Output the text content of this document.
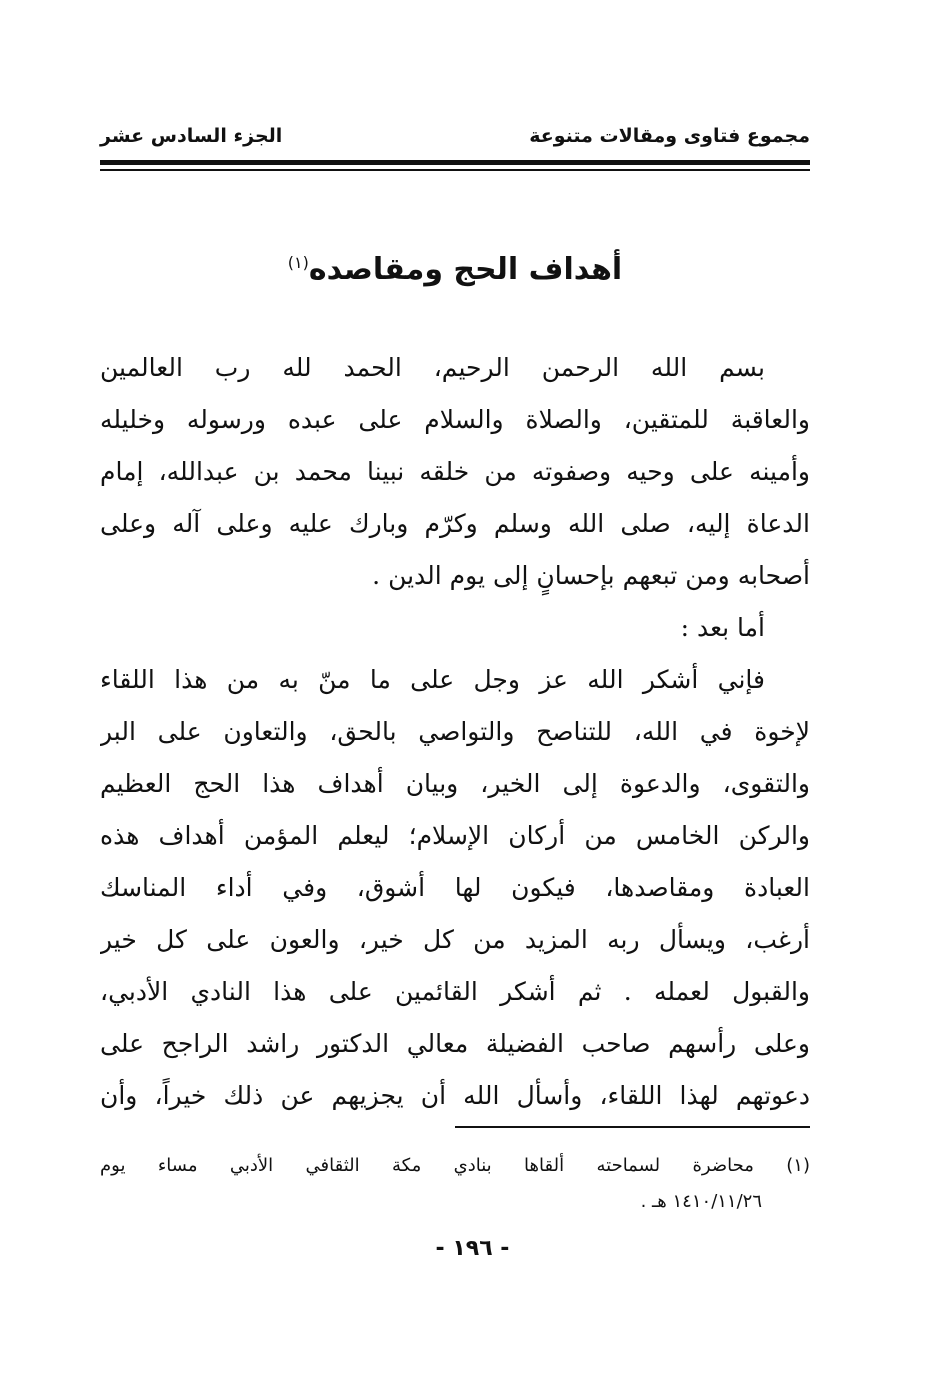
مجموع فتاوى ومقالات متنوعة
الجزء السادس عشر
أهداف الحج ومقاصده$^{(١)}$
بسم الله الرحمن الرحيم، الحمد لله رب العالمين
والعاقبة للمتقين، والصلاة والسلام على عبده ورسوله وخليله
وأمينه على وحيه وصفوته من خلقه نبينا محمد بن عبدالله، إمام
الدعاة إليه، صلى الله وسلم وكرّم وبارك عليه وعلى آله وعلى
أصحابه ومن تبعهم بإحسانٍ إلى يوم الدين .
أما بعد :
فإني أشكر الله عز وجل على ما منّ به من هذا اللقاء
لإخوة في الله، للتناصح والتواصي بالحق، والتعاون على البر
والتقوى، والدعوة إلى الخير، وبيان أهداف هذا الحج العظيم
والركن الخامس من أركان الإسلام؛ ليعلم المؤمن أهداف هذه
العبادة ومقاصدها، فيكون لها أشوق، وفي أداء المناسك
أرغب، ويسأل ربه المزيد من كل خير، والعون على كل خير
والقبول لعمله . ثم أشكر القائمين على هذا النادي الأدبي،
وعلى رأسهم صاحب الفضيلة معالي الدكتور راشد الراجح على
دعوتهم لهذا اللقاء، وأسأل الله أن يجزيهم عن ذلك خيراً، وأن
(١) محاضرة لسماحته ألقاها بنادي مكة الثقافي الأدبي مساء يوم
١٤١٠/١١/٢٦ هـ .
- ١٩٦ -
